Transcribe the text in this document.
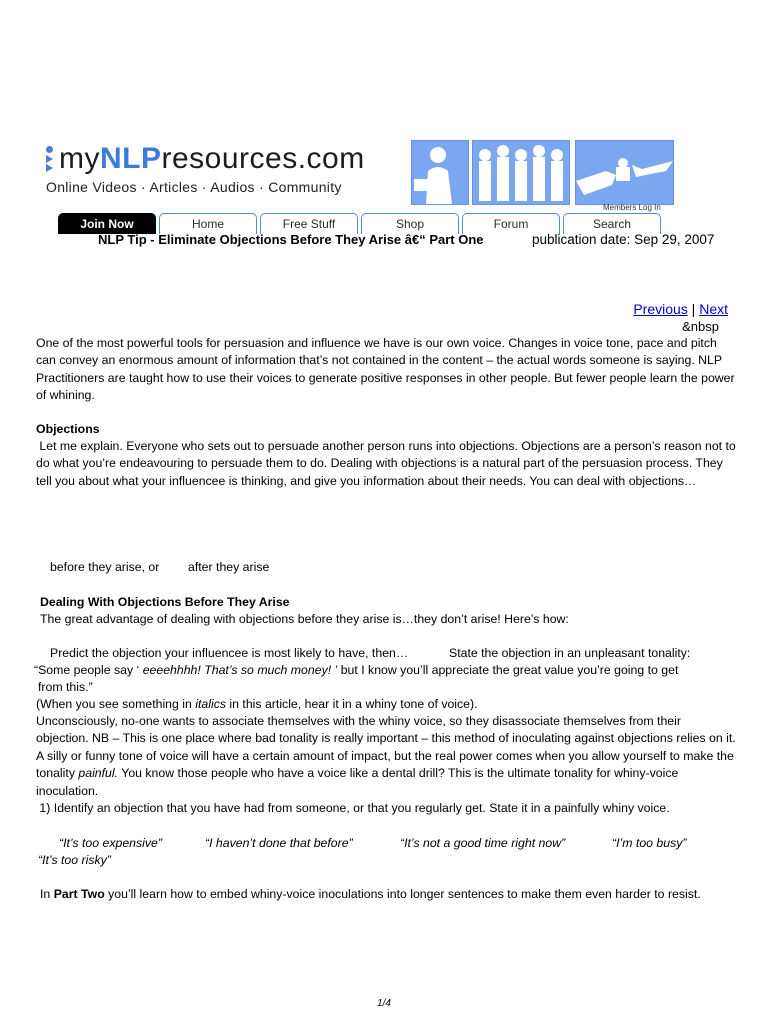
myNLPresources.com
Online Videos · Articles · Audios · Community
Members Log In
Join Now	Home	Free Stuff	Shop	Forum	Search
NLP Tip - Eliminate Objections Before They Arise â€“ Part One	publication date: Sep 29, 2007
Previous | Next
&nbsp
One of the most powerful tools for persuasion and influence we have is our own voice. Changes in voice tone, pace and pitch can convey an enormous amount of information that’s not contained in the content – the actual words someone is saying. NLP Practitioners are taught how to use their voices to generate positive responses in other people. But fewer people learn the power of whining.
Objections
Let me explain. Everyone who sets out to persuade another person runs into objections. Objections are a person’s reason not to do what you’re endeavouring to persuade them to do. Dealing with objections is a natural part of the persuasion process. They tell you about what your influencee is thinking, and give you information about their needs. You can deal with objections…
before they arise, or after they arise
Dealing With Objections Before They Arise
The great advantage of dealing with objections before they arise is…they don’t arise! Here’s how:
Predict the objection your influencee is most likely to have, then…	State the objection in an unpleasant tonality:
“Some people say ‘ eeeehhhh! That’s so much money! ’ but I know you’ll appreciate the great value you’re going to get
from this.”
(When you see something in italics in this article, hear it in a whiny tone of voice).
Unconsciously, no-one wants to associate themselves with the whiny voice, so they disassociate themselves from their objection. NB – This is one place where bad tonality is really important – this method of inoculating against objections relies on it. A silly or funny tone of voice will have a certain amount of impact, but the real power comes when you allow yourself to make the tonality painful. You know those people who have a voice like a dental drill? This is the ultimate tonality for whiny-voice inoculation.
1) Identify an objection that you have had from someone, or that you regularly get. State it in a painfully whiny voice.
“It’s too expensive”	“I haven’t done that before”	“It’s not a good time right now”	“I’m too busy”
“It’s too risky”
In Part Two you’ll learn how to embed whiny-voice inoculations into longer sentences to make them even harder to resist.
1/4
